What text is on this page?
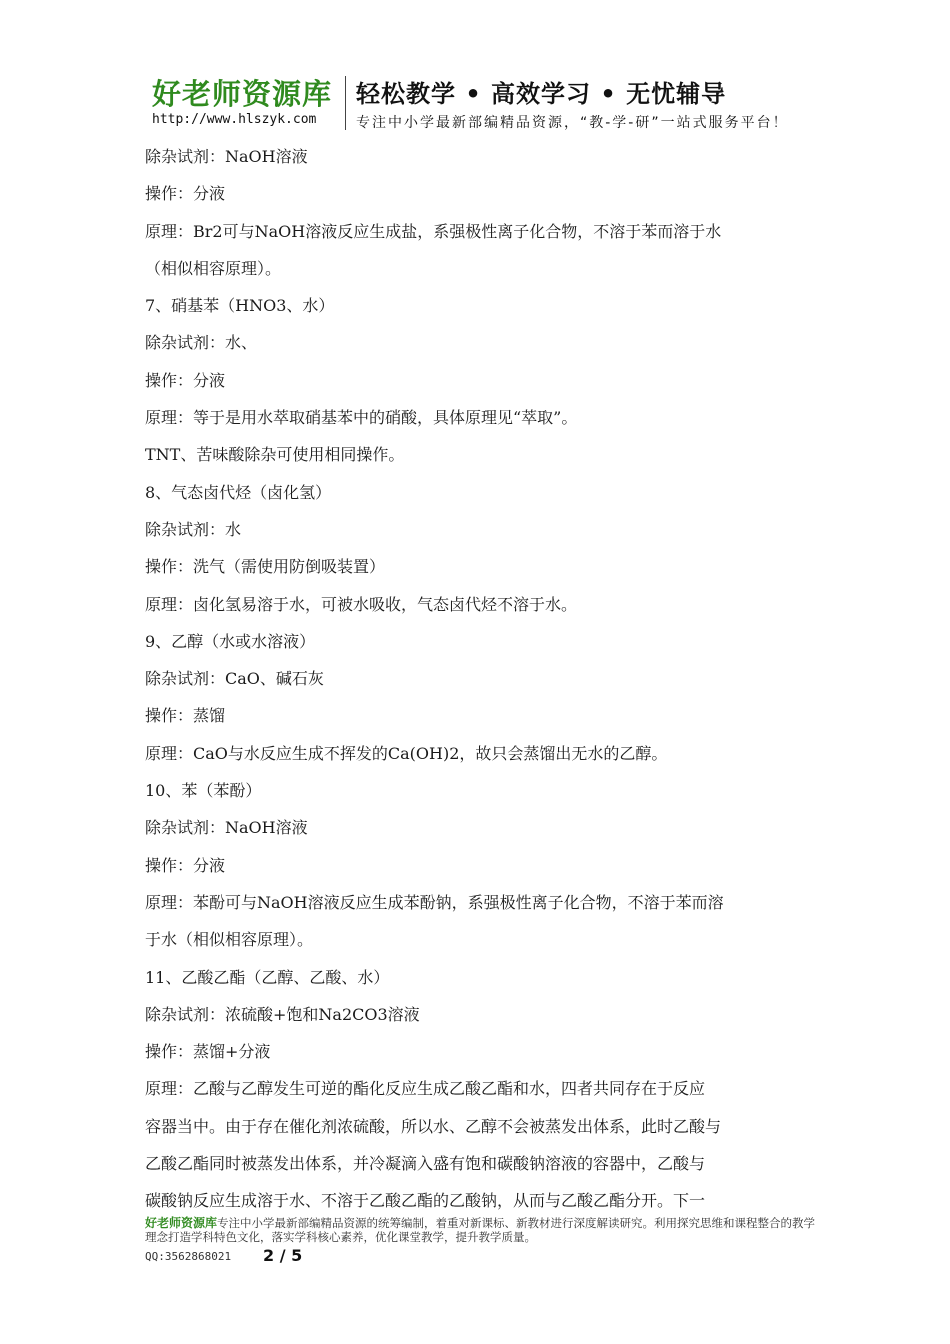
好老师资源库
http://www.hlszyk.com
轻松教学 • 高效学习 • 无忧辅导
专注中小学最新部编精品资源，“教-学-研”一站式服务平台！
除杂试剂：NaOH溶液
操作：分液
原理：Br2可与NaOH溶液反应生成盐，系强极性离子化合物，不溶于苯而溶于水
（相似相容原理）。
7、硝基苯（HNO3、水）
除杂试剂：水、
操作：分液
原理：等于是用水萃取硝基苯中的硝酸，具体原理见“萃取”。
TNT、苦味酸除杂可使用相同操作。
8、气态卤代烃（卤化氢）
除杂试剂：水
操作：洗气（需使用防倒吸装置）
原理：卤化氢易溶于水，可被水吸收，气态卤代烃不溶于水。
9、乙醇（水或水溶液）
除杂试剂：CaO、碱石灰
操作：蒸馏
原理：CaO与水反应生成不挥发的Ca(OH)2，故只会蒸馏出无水的乙醇。
10、苯（苯酚）
除杂试剂：NaOH溶液
操作：分液
原理：苯酚可与NaOH溶液反应生成苯酚钠，系强极性离子化合物，不溶于苯而溶
于水（相似相容原理）。
11、乙酸乙酯（乙醇、乙酸、水）
除杂试剂：浓硫酸+饱和Na2CO3溶液
操作：蒸馏+分液
原理：乙酸与乙醇发生可逆的酯化反应生成乙酸乙酯和水，四者共同存在于反应
容器当中。由于存在催化剂浓硫酸，所以水、乙醇不会被蒸发出体系，此时乙酸与
乙酸乙酯同时被蒸发出体系，并冷凝滴入盛有饱和碳酸钠溶液的容器中，乙酸与
碳酸钠反应生成溶于水、不溶于乙酸乙酯的乙酸钠，从而与乙酸乙酯分开。下一
好老师资源库专注中小学最新部编精品资源的统筹编制，着重对新课标、新教材进行深度解读研究。利用探究思维和课程整合的教学理念打造学科特色文化，落实学科核心素养，优化课堂教学，提升教学质量。
QQ:3562868021 2 / 5
